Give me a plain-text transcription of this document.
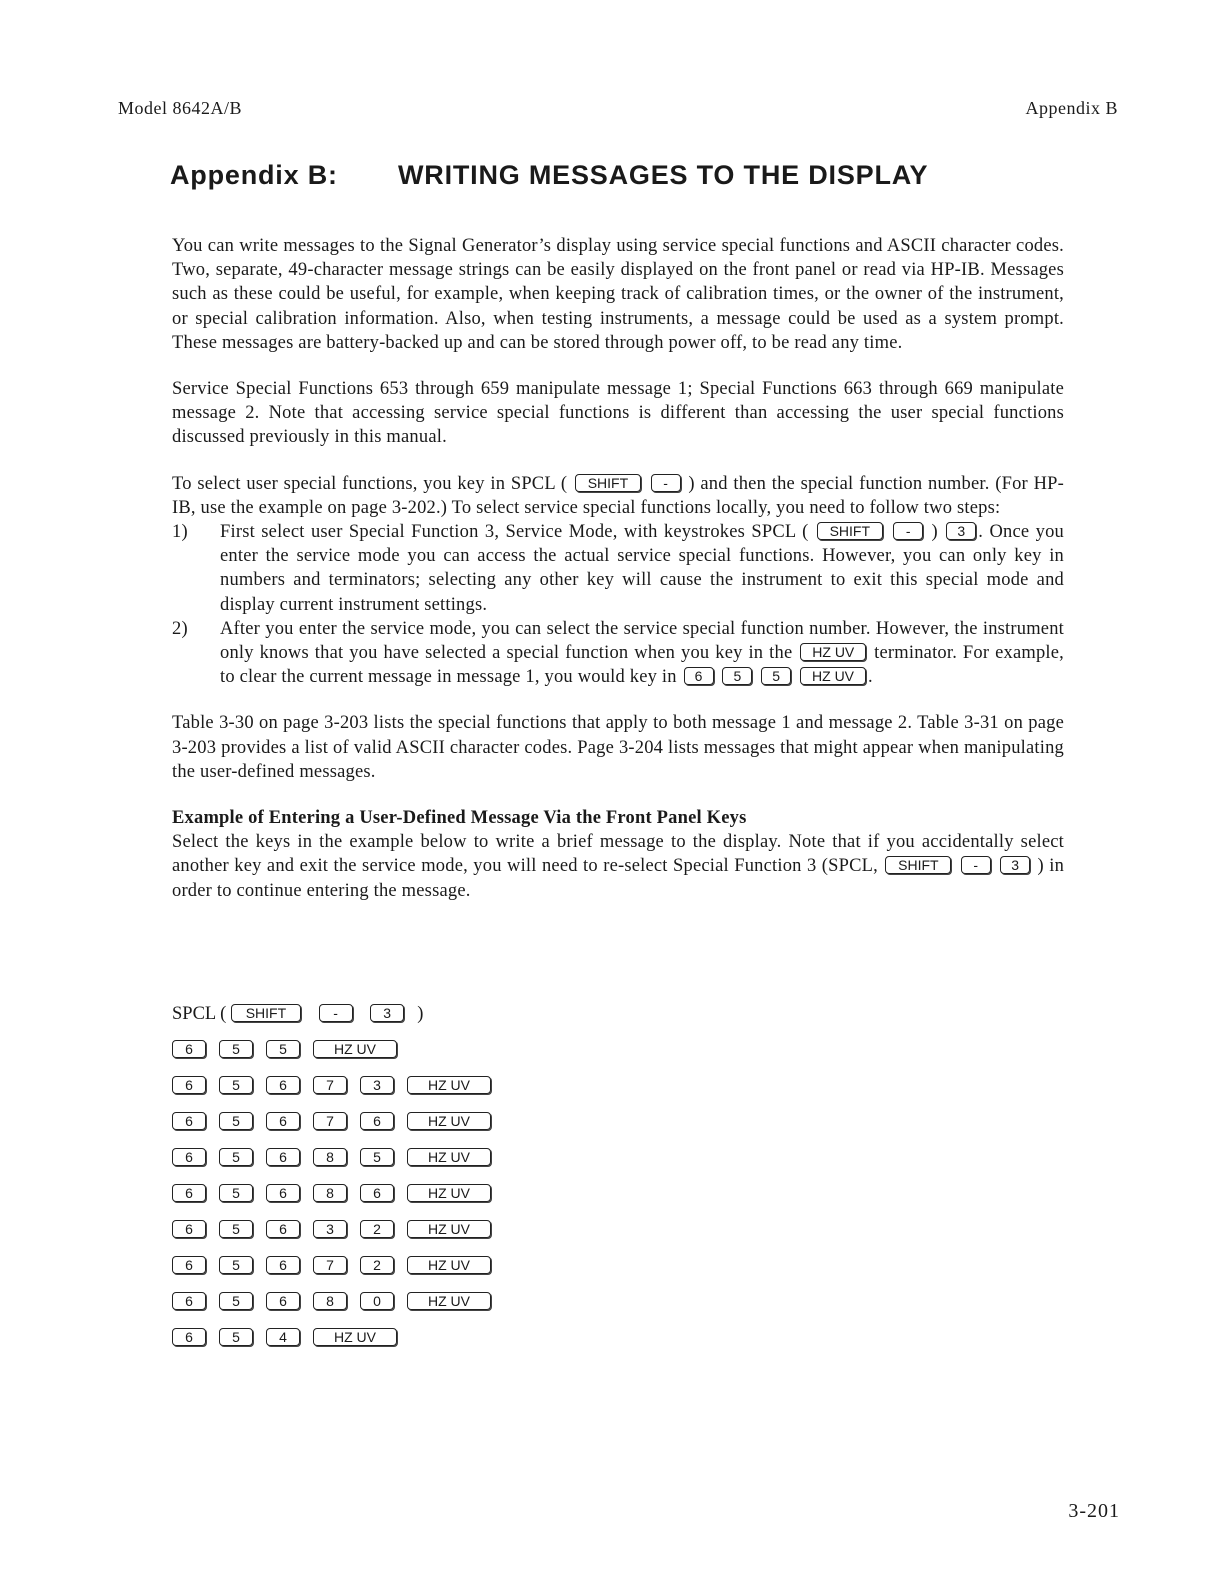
Model 8642A/B	Appendix B
Appendix B: WRITING MESSAGES TO THE DISPLAY

You can write messages to the Signal Generator’s display using service special functions and ASCII character codes. Two, separate, 49-character message strings can be easily displayed on the front panel or read via HP-IB. Messages such as these could be useful, for example, when keeping track of calibration times, or the owner of the instrument, or special calibration information. Also, when testing instruments, a message could be used as a system prompt. These messages are battery-backed up and can be stored through power off, to be read any time.

Service Special Functions 653 through 659 manipulate message 1; Special Functions 663 through 669 manipulate message 2. Note that accessing service special functions is different than accessing the user special functions discussed previously in this manual.

To select user special functions, you key in SPCL ( SHIFT	- ) and then the special function number. (For HP-IB, use the example on page 3-202.) To select service special functions locally, you need to follow two steps:

1) First select user Special Function 3, Service Mode, with keystrokes SPCL ( SHIFT	- ) 3 . Once you enter the service mode you can access the actual service special functions. However, you can only key in numbers and terminators; selecting any other key will cause the instrument to exit this special mode and display current instrument settings.
2) After you enter the service mode, you can select the service special function number. However, the instrument only knows that you have selected a special function when you key in the HZ UV terminator. For example, to clear the current message in message 1, you would key in 6 5 5 HZ UV .

Table 3-30 on page 3-203 lists the special functions that apply to both message 1 and message 2. Table 3-31 on page 3-203 provides a list of valid ASCII character codes. Page 3-204 lists messages that might appear when manipulating the user-defined messages.

Example of Entering a User-Defined Message Via the Front Panel Keys

Select the keys in the example below to write a brief message to the display. Note that if you accidentally select another key and exit the service mode, you will need to re-select Special Function 3 (SPCL, SHIFT - 3 ) in order to continue entering the message.

SPCL ( SHIFT	-	3 )
6	5	5	HZ UV
6	5	6	7	3	HZ UV
6	5	6	7	6	HZ UV
6	5	6	8	5	HZ UV
6	5	6	8	6	HZ UV
6	5	6	3	2	HZ UV
6	5	6	7	2	HZ UV
6	5	6	8	0	HZ UV
6	5	4	HZ UV
3-201
